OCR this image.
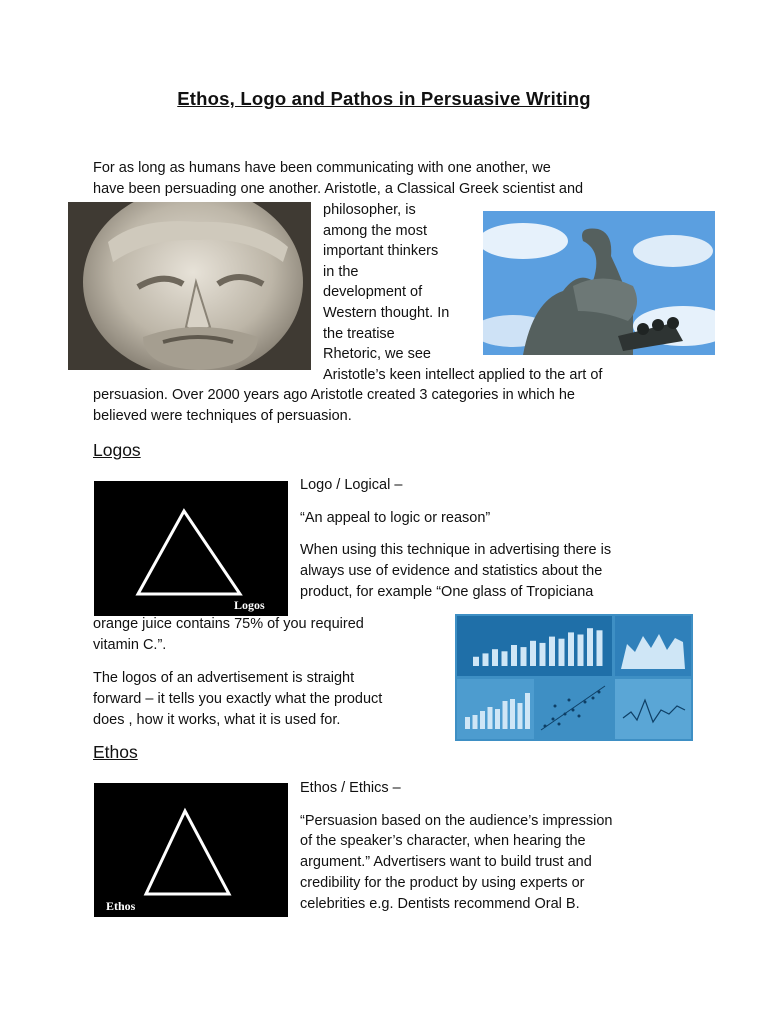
Ethos, Logo and Pathos in Persuasive Writing
For as long as humans have been communicating with one another, we
have been persuading one another. Aristotle, a Classical Greek scientist and
philosopher, is
among the most
important thinkers
in the
development of
Western thought. In
the treatise
Rhetoric, we see
Aristotle’s keen intellect applied to the art of
persuasion. Over 2000 years ago Aristotle created 3 categories in which he
believed were techniques of persuasion.
Logos
Logos
Logo / Logical –
“An appeal to logic or reason”
When using this technique in advertising there is
always use of evidence and statistics about the
product, for example “One glass of Tropiciana
orange juice contains 75% of you required
vitamin C.”.
The logos of an advertisement is straight
forward – it tells you exactly what the product
does , how it works, what it is used for.
Ethos
Ethos
Ethos / Ethics –
“Persuasion based on the audience’s impression
of the speaker’s character, when hearing the
argument.” Advertisers want to build trust and
credibility for the product by using experts or
celebrities e.g. Dentists recommend Oral B.
